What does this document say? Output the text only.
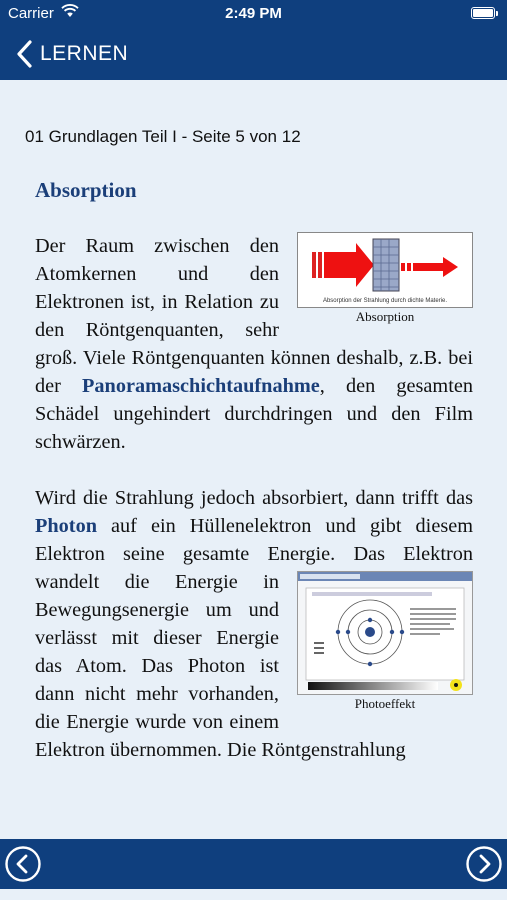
Carrier	2:49 PM
LERNEN
01 Grundlagen Teil I - Seite 5 von 12
Absorption
Absorption der Strahlung durch dichte Materie.
Absorption

Der Raum zwischen den Atomkernen und den Elektronen ist, in Relation zu den Röntgenquanten, sehr groß. Viele Röntgenquanten können deshalb, z.B. bei der Panoramaschichtaufnahme, den gesamten Schädel ungehindert durchdringen und den Film schwärzen.

Wird die Strahlung jedoch absorbiert, dann trifft das Photon auf ein Hüllenelektron und gibt diesem Elektron seine gesamte Energie.
Photoeffekt
Das Elektron wandelt die Energie in Bewegungsenergie um und verlässt mit dieser Energie das Atom. Das Photon ist dann nicht mehr vorhanden, die Energie wurde von einem Elektron übernommen. Die Röntgenstrahlung
